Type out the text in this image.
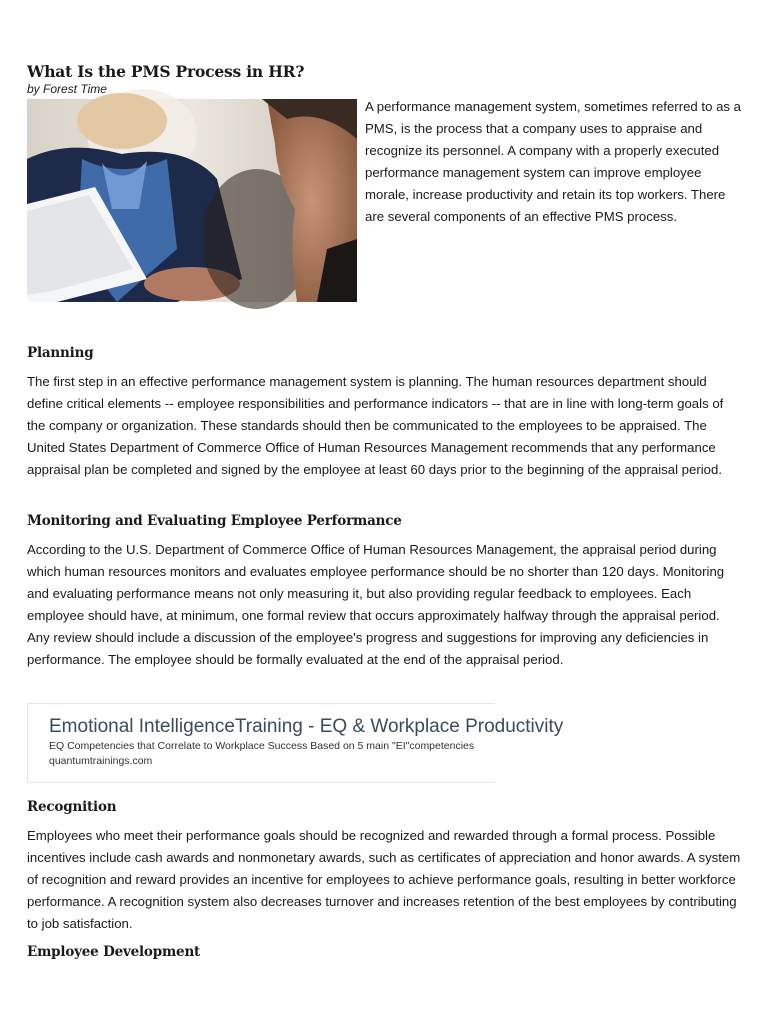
What Is the PMS Process in HR?
by Forest Time

A performance management system, sometimes referred to as a PMS, is the process that a company uses to appraise and recognize its personnel. A company with a properly executed performance management system can improve employee morale, increase productivity and retain its top workers. There are several components of an effective PMS process.

Planning

The first step in an effective performance management system is planning. The human resources department should define critical elements -- employee responsibilities and performance indicators -- that are in line with long-term goals of the company or organization. These standards should then be communicated to the employees to be appraised. The United States Department of Commerce Office of Human Resources Management recommends that any performance appraisal plan be completed and signed by the employee at least 60 days prior to the beginning of the appraisal period.

Monitoring and Evaluating Employee Performance

According to the U.S. Department of Commerce Office of Human Resources Management, the appraisal period during which human resources monitors and evaluates employee performance should be no shorter than 120 days. Monitoring and evaluating performance means not only measuring it, but also providing regular feedback to employees. Each employee should have, at minimum, one formal review that occurs approximately halfway through the appraisal period. Any review should include a discussion of the employee's progress and suggestions for improving any deficiencies in performance. The employee should be formally evaluated at the end of the appraisal period.

Emotional IntelligenceTraining - EQ & Workplace Productivity
EQ Competencies that Correlate to Workplace Success Based on 5 main "EI"competencies
quantumtrainings.com
Recognition

Employees who meet their performance goals should be recognized and rewarded through a formal process. Possible incentives include cash awards and nonmonetary awards, such as certificates of appreciation and honor awards. A system of recognition and reward provides an incentive for employees to achieve performance goals, resulting in better workforce performance. A recognition system also decreases turnover and increases retention of the best employees by contributing to job satisfaction.

Employee Development
